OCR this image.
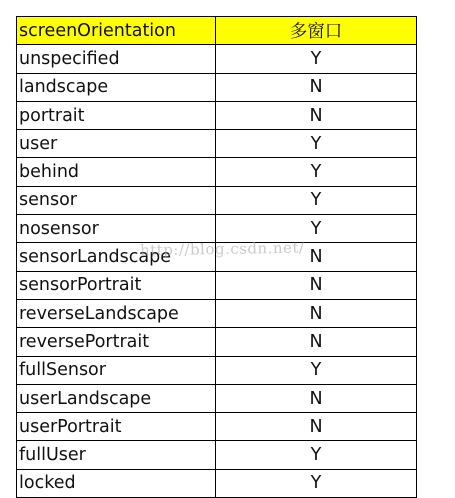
screenOrientation	多窗口
unspecified	Y
landscape	N
portrait	N
user	Y
behind	Y
sensor	Y
nosensor	Y
sensorLandscape	N
sensorPortrait	N
reverseLandscape	N
reversePortrait	N
fullSensor	Y
userLandscape	N
userPortrait	N
fullUser	Y
locked	Y
http://blog.csdn.net/
